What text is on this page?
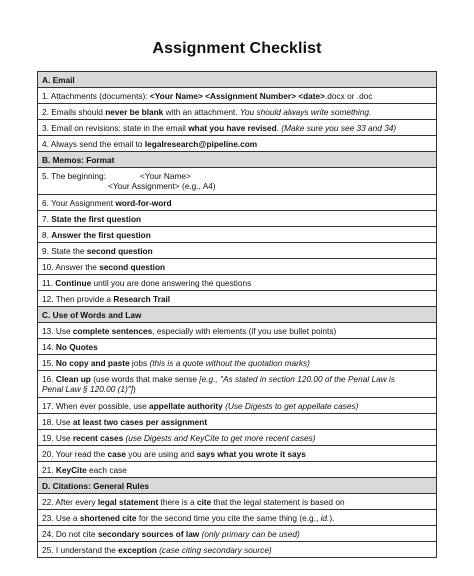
Assignment Checklist
A. Email
1. Attachments (documents): <Your Name> <Assignment Number> <date>.docx or .doc
2. Emails should never be blank with an attachment. You should always write something.
3. Email on revisions: state in the email what you have revised. (Make sure you see 33 and 34)
4. Always send the email to legalresearch@pipeline.com
B. Memos: Format

5. The beginning:	<Your Name>
<Your Assignment> (e.g., A4)

6. Your Assignment word-for-word
7. State the first question
8. Answer the first question
9. State the second question
10. Answer the second question
11. Continue until you are done answering the questions
12. Then provide a Research Trail
C. Use of Words and Law
13. Use complete sentences, especially with elements (if you use bullet points)
14. No Quotes
15. No copy and paste jobs (this is a quote without the quotation marks)

16. Clean up (use words that make sense [e.g., "As stated in section 120.00 of the Penal Law is
Penal Law § 120.00 (1)"])

17. When ever possible, use appellate authority (Use Digests to get appellate cases)
18. Use at least two cases per assignment
19. Use recent cases (use Digests and KeyCite to get more recent cases)
20. Your read the case you are using and says what you wrote it says
21. KeyCite each case
D. Citations: General Rules
22. After every legal statement there is a cite that the legal statement is based on
23. Use a shortened cite for the second time you cite the same thing (e.g., id.).
24. Do not cite secondary sources of law (only primary can be used)
25. I understand the exception (case citing secondary source)
